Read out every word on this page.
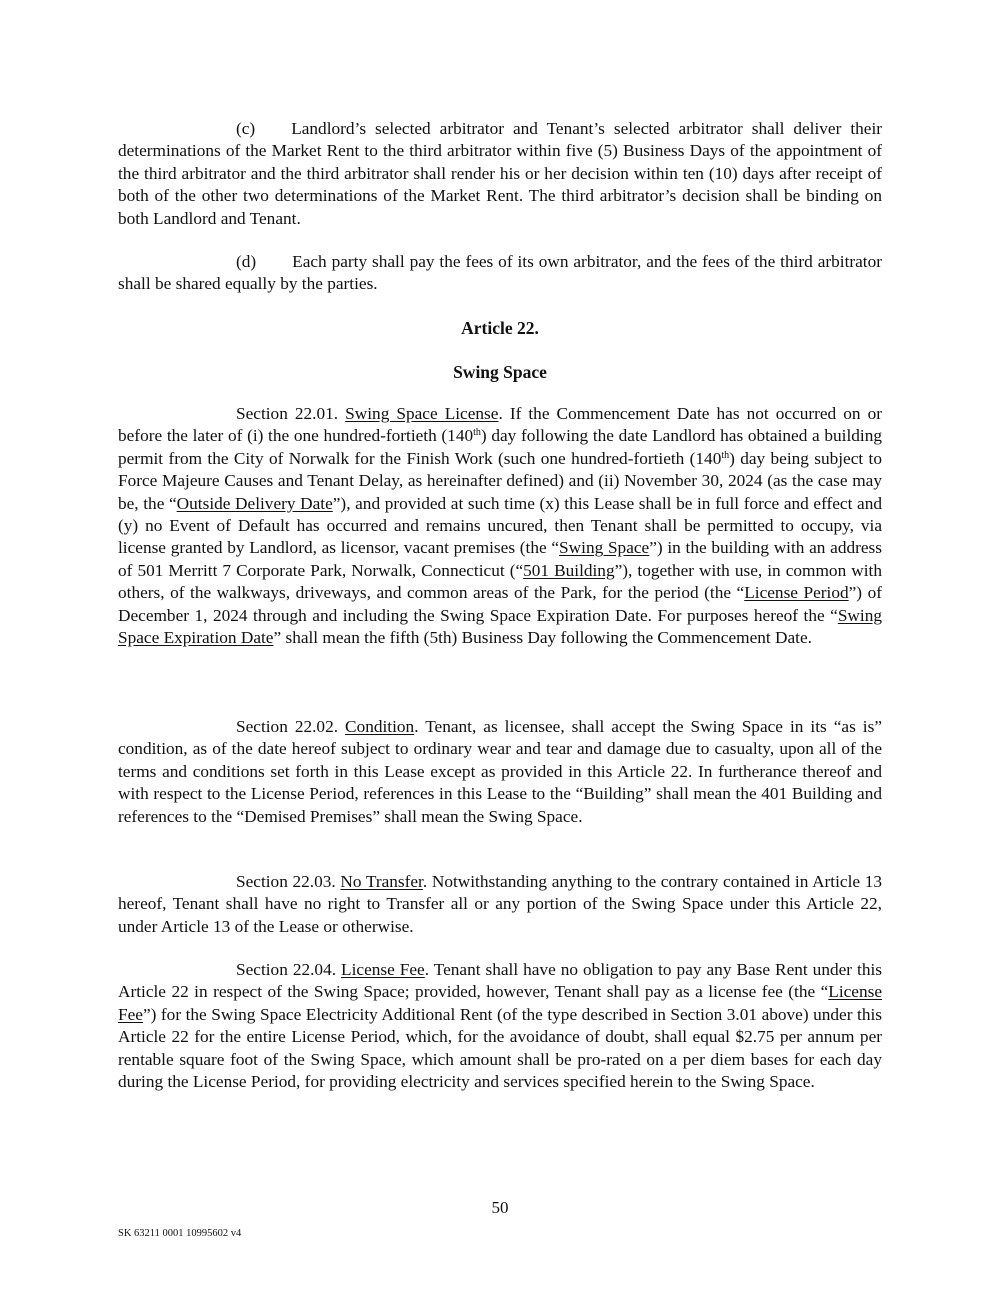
(c) Landlord’s selected arbitrator and Tenant’s selected arbitrator shall deliver their determinations of the Market Rent to the third arbitrator within five (5) Business Days of the appointment of the third arbitrator and the third arbitrator shall render his or her decision within ten (10) days after receipt of both of the other two determinations of the Market Rent. The third arbitrator’s decision shall be binding on both Landlord and Tenant.

(d) Each party shall pay the fees of its own arbitrator, and the fees of the third arbitrator shall be shared equally by the parties.

Article 22.
Swing Space

Section 22.01. Swing Space License. If the Commencement Date has not occurred on or before the later of (i) the one hundred-fortieth (140th) day following the date Landlord has obtained a building permit from the City of Norwalk for the Finish Work (such one hundred-fortieth (140th) day being subject to Force Majeure Causes and Tenant Delay, as hereinafter defined) and (ii) November 30, 2024 (as the case may be, the “Outside Delivery Date”), and provided at such time (x) this Lease shall be in full force and effect and (y) no Event of Default has occurred and remains uncured, then Tenant shall be permitted to occupy, via license granted by Landlord, as licensor, vacant premises (the “Swing Space”) in the building with an address of 501 Merritt 7 Corporate Park, Norwalk, Connecticut (“501 Building”), together with use, in common with others, of the walkways, driveways, and common areas of the Park, for the period (the “License Period”) of December 1, 2024 through and including the Swing Space Expiration Date. For purposes hereof the “Swing Space Expiration Date” shall mean the fifth (5th) Business Day following the Commencement Date.

Section 22.02. Condition. Tenant, as licensee, shall accept the Swing Space in its “as is” condition, as of the date hereof subject to ordinary wear and tear and damage due to casualty, upon all of the terms and conditions set forth in this Lease except as provided in this Article 22. In furtherance thereof and with respect to the License Period, references in this Lease to the “Building” shall mean the 401 Building and references to the “Demised Premises” shall mean the Swing Space.

Section 22.03. No Transfer. Notwithstanding anything to the contrary contained in Article 13 hereof, Tenant shall have no right to Transfer all or any portion of the Swing Space under this Article 22, under Article 13 of the Lease or otherwise.

Section 22.04. License Fee. Tenant shall have no obligation to pay any Base Rent under this Article 22 in respect of the Swing Space; provided, however, Tenant shall pay as a license fee (the “License Fee”) for the Swing Space Electricity Additional Rent (of the type described in Section 3.01 above) under this Article 22 for the entire License Period, which, for the avoidance of doubt, shall equal $2.75 per annum per rentable square foot of the Swing Space, which amount shall be pro-rated on a per diem bases for each day during the License Period, for providing electricity and services specified herein to the Swing Space.

50
SK 63211 0001 10995602 v4
